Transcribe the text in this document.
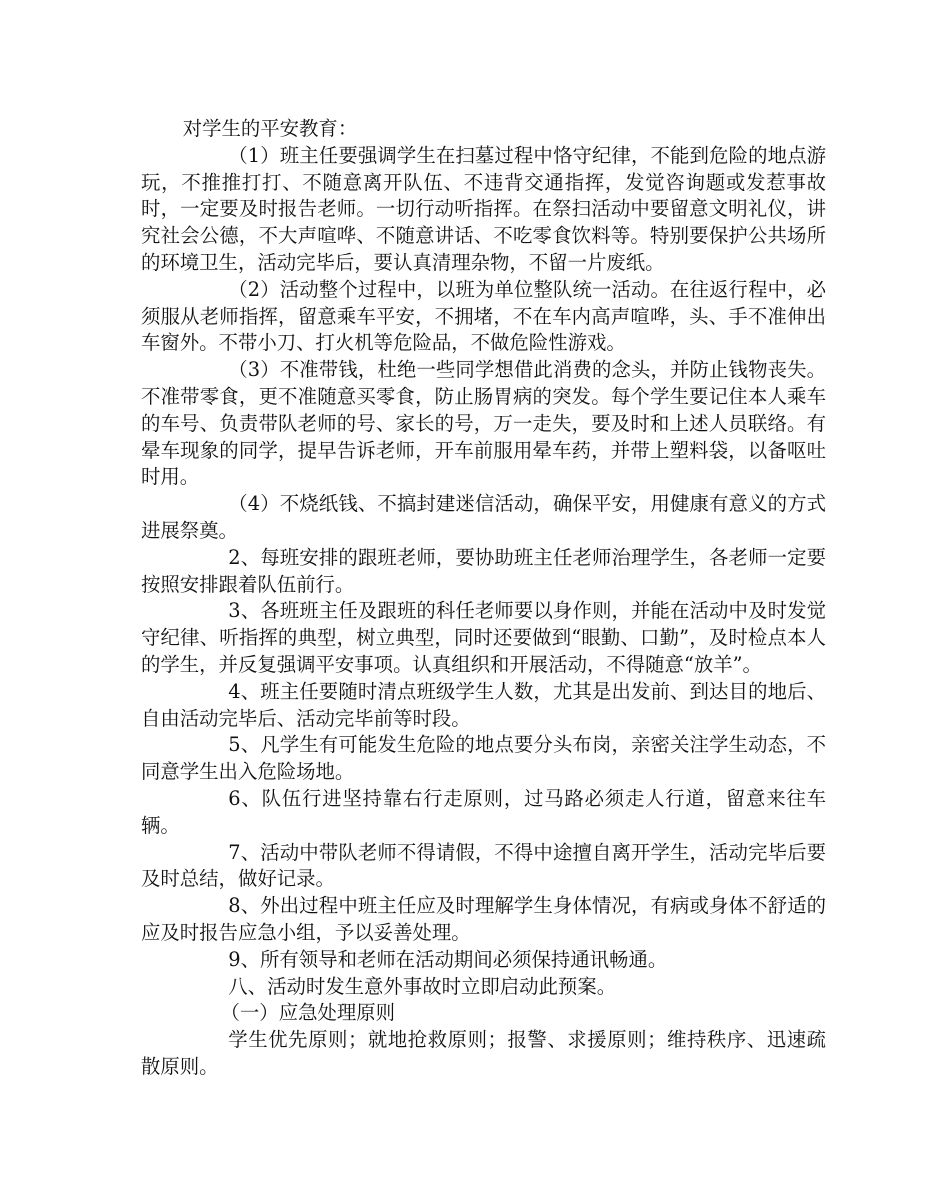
对学生的平安教育：

（1）班主任要强调学生在扫墓过程中恪守纪律，不能到危险的地点游玩，不推推打打、不随意离开队伍、不违背交通指挥，发觉咨询题或发惹事故时，一定要及时报告老师。一切行动听指挥。在祭扫活动中要留意文明礼仪，讲究社会公德，不大声喧哗、不随意讲话、不吃零食饮料等。特别要保护公共场所的环境卫生，活动完毕后，要认真清理杂物，不留一片废纸。

（2）活动整个过程中，以班为单位整队统一活动。在往返行程中，必须服从老师指挥，留意乘车平安，不拥堵，不在车内高声喧哗，头、手不准伸出车窗外。不带小刀、打火机等危险品，不做危险性游戏。

（3）不准带钱，杜绝一些同学想借此消费的念头，并防止钱物丧失。不准带零食，更不准随意买零食，防止肠胃病的突发。每个学生要记住本人乘车的车号、负责带队老师的号、家长的号，万一走失，要及时和上述人员联络。有晕车现象的同学，提早告诉老师，开车前服用晕车药，并带上塑料袋，以备呕吐时用。

（4）不烧纸钱、不搞封建迷信活动，确保平安，用健康有意义的方式进展祭奠。

2、每班安排的跟班老师，要协助班主任老师治理学生，各老师一定要按照安排跟着队伍前行。

3、各班班主任及跟班的科任老师要以身作则，并能在活动中及时发觉守纪律、听指挥的典型，树立典型，同时还要做到“眼勤、口勤”，及时检点本人的学生，并反复强调平安事项。认真组织和开展活动，不得随意“放羊”。

4、班主任要随时清点班级学生人数，尤其是出发前、到达目的地后、自由活动完毕后、活动完毕前等时段。

5、凡学生有可能发生危险的地点要分头布岗，亲密关注学生动态，不同意学生出入危险场地。

6、队伍行进坚持靠右行走原则，过马路必须走人行道，留意来往车辆。

7、活动中带队老师不得请假，不得中途擅自离开学生，活动完毕后要及时总结，做好记录。

8、外出过程中班主任应及时理解学生身体情况，有病或身体不舒适的应及时报告应急小组，予以妥善处理。

9、所有领导和老师在活动期间必须保持通讯畅通。

八、活动时发生意外事故时立即启动此预案。

（一）应急处理原则

学生优先原则；就地抢救原则；报警、求援原则；维持秩序、迅速疏散原则。
